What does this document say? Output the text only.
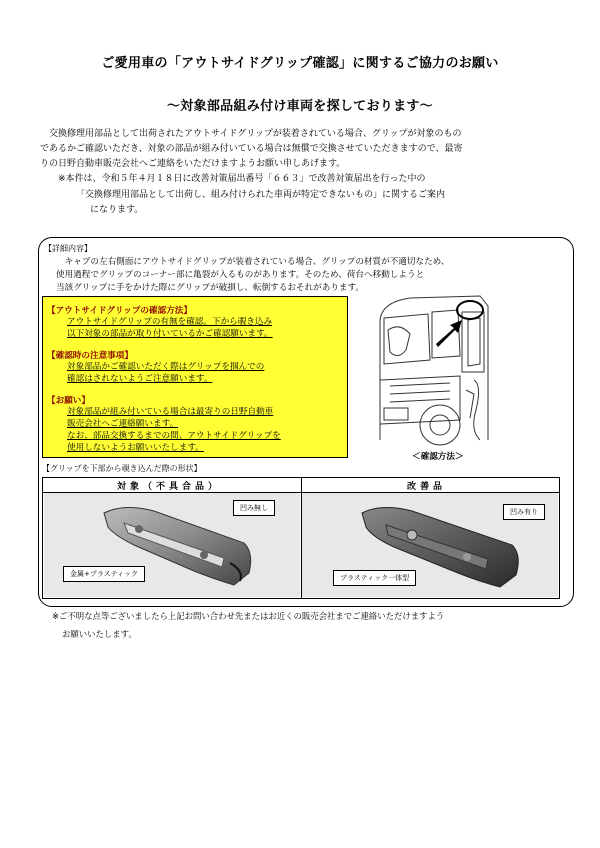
ご愛用車の「アウトサイドグリップ確認」に関するご協力のお願い
～対象部品組み付け車両を探しております～
　交換修理用部品として出荷されたアウトサイドグリップが装着されている場合、グリップが対象のもの
であるかご確認いただき、対象の部品が組み付いている場合は無償で交換させていただきますので、最寄
りの日野自動車販売会社へご連絡をいただけますようお願い申しあげます。
※本件は、令和５年４月１８日に改善対策届出番号「６６３」で改善対策届出を行った中の
「交換修理用部品として出荷し、組み付けられた車両が特定できないもの」に関するご案内
になります。
【詳細内容】
　キャブの左右側面にアウトサイドグリップが装着されている場合、グリップの材質が不適切なため、
使用過程でグリップのコーナー部に亀裂が入るものがあります。そのため、荷台へ移動しようと
当該グリップに手をかけた際にグリップが破損し、転倒するおそれがあります。
【アウトサイドグリップの確認方法】
アウトサイドグリップの有無を確認。下から覗き込み
以下対象の部品が取り付いているかご確認願います。
【確認時の注意事項】
対象部品かご確認いただく際はグリップを掴んでの
確認はされないようご注意願います。
【お願い】
対象部品が組み付いている場合は最寄りの日野自動車
販売会社へご連絡願います。
なお、部品交換するまでの間、アウトサイドグリップを
使用しないようお願いいたします。
＜確認方法＞
【グリップを下部から覗き込んだ際の形状】
対象（不具合品）	改善品
凹み無し
金属+プラスティック
凹み有り
プラスティック一体型
※ご不明な点等ございましたら上記お問い合わせ先またはお近くの販売会社までご連絡いただけますよう
お願いいたします。
